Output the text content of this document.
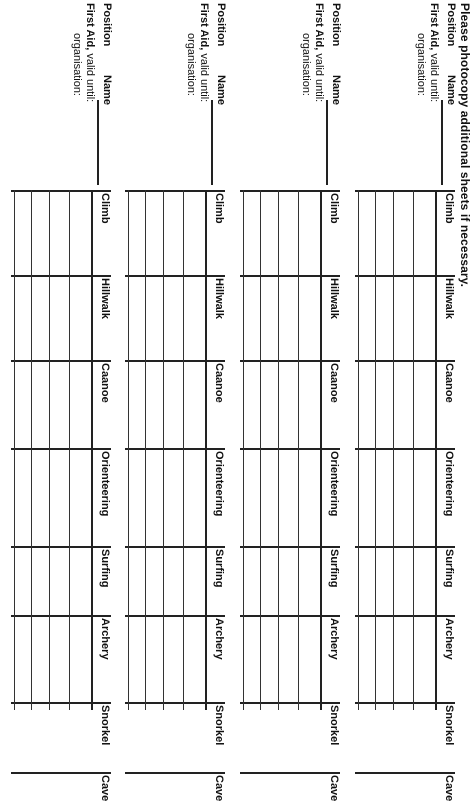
Please photocopy additional sheets if necessary.
Position
Name
First Aid, valid until:
organisation:
Climb
Hillwalk
Caanoe
Orienteering
Surfing
Archery
Snorkel
Cave
Position
Name
First Aid, valid until:
organisation:
Climb
Hillwalk
Caanoe
Orienteering
Surfing
Archery
Snorkel
Cave
Position
Name
First Aid, valid until:
organisation:
Climb
Hillwalk
Caanoe
Orienteering
Surfing
Archery
Snorkel
Cave
Position
Name
First Aid, valid until:
organisation:
Climb
Hillwalk
Caanoe
Orienteering
Surfing
Archery
Snorkel
Cave
